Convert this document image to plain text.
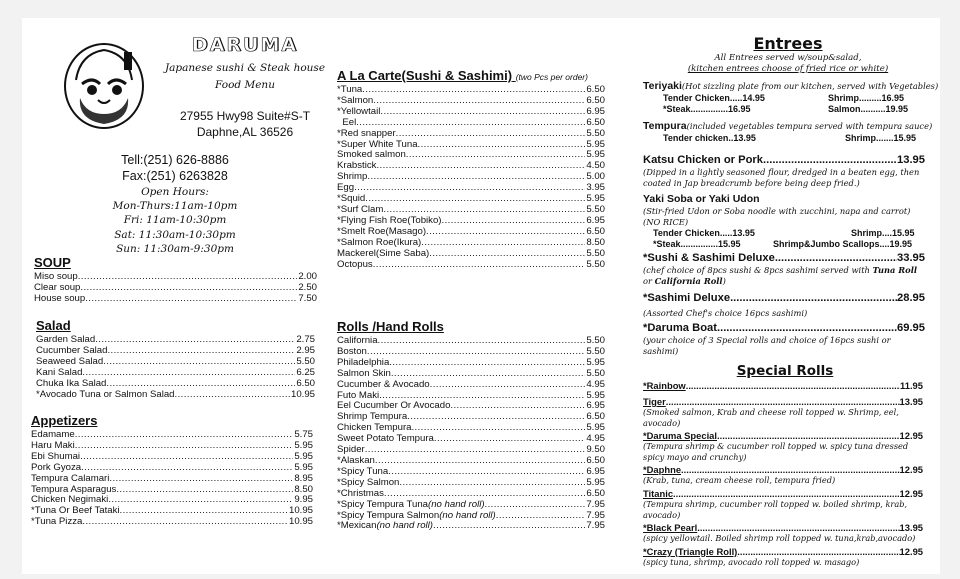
DARUMA
Japanese sushi & Steak house
Food Menu
27955 Hwy98 Suite#S-T
Daphne,AL 36526
Tell:(251) 626-8886
Fax:(251) 6263828
Open Hours:
Mon-Thurs:11am-10pm
Fri: 11am-10:30pm
Sat: 11:30am-10:30pm
Sun: 11:30am-9:30pm
SOUP
Miso soup .....	2.00
Clear soup .....	2.50
House soup .....	7.50
Salad
Garden Salad .....	2.75
Cucumber Salad .....	2.95
Seaweed Salad .....	5.50
Kani Salad .....	6.25
Chuka Ika Salad .....	6.50
*Avocado Tuna or Salmon Salad .....	10.95
Appetizers
Edamame .....	5.75
Haru Maki .....	5.95
Ebi Shumai .....	5.95
Pork Gyoza .....	5.95
Tempura Calamari .....	8.95
Tempura Asparagus .....	8.50
Chicken Negimaki .....	9.95
*Tuna Or Beef Tataki .....	10.95
*Tuna Pizza .....	10.95
A La Carte(Sushi & Sashimi) (two Pcs per order)
*Tuna .....	6.50
*Salmon .....	6.50
*Yellowtail .....	6.95
Eel .....	6.50
*Red snapper .....	5.50
*Super White Tuna .....	5.95
Smoked salmon .....	5.95
Krabstick .....	4.50
Shrimp .....	5.00
Egg .....	3.95
*Squid .....	5.95
*Surf Clam .....	5.50
*Flying Fish Roe(Tobiko) .....	6.95
*Smelt Roe(Masago) .....	6.50
*Salmon Roe(Ikura) .....	8.50
Mackerel(Sime Saba) .....	5.50
Octopus .....	5.50
Rolls /Hand Rolls
California .....	5.50
Boston .....	5.50
Philadelphia .....	5.95
Salmon Skin .....	5.50
Cucumber & Avocado .....	4.95
Futo Maki .....	5.95
Eel Cucumber Or Avocado .....	6.95
Shrimp Tempura .....	6.50
Chicken Tempura .....	5.95
Sweet Potato Tempura .....	4.95
Spider .....	9.50
*Alaskan .....	6.50
*Spicy Tuna .....	6.95
*Spicy Salmon .....	5.95
*Christmas .....	6.50
*Spicy Tempura Tuna (no hand roll) .....	7.95
*Spicy Tempura Salmon (no hand roll) .....	7.95
*Mexican (no hand roll) .....	7.95
Entrees
All Entrees served w/soup&salad,
(kitchen entrees choose of fried rice or white)
Teriyaki(Hot sizzling plate from our kitchen, served with Vegetables)
Tender Chicken.....14.95	Shrimp.........16.95
*Steak...............16.95	Salmon..........19.95
Tempura(included vegetables tempura served with tempura sauce)
Tender chicken..13.95	Shrimp.......15.95
Katsu Chicken or Pork .....	13.95
(Dipped in a lightly seasoned flour, dredged in a beaten egg, then coated in Jap breadcrumb before being deep fried.)
Yaki Soba or Yaki Udon
(Stir-fried Udon or Soba noodle with zucchini, napa and carrot)(NO RICE)
Tender Chicken.....13.95	Shrimp....15.95
*Steak...............15.95	Shrimp&Jumbo Scallops....19.95
*Sushi & Sashimi Deluxe .....	33.95
(chef choice of 8pcs sushi & 8pcs sashimi served with Tuna Roll or California Roll)
*Sashimi Deluxe .....	28.95
(Assorted Chef's choice 16pcs sashimi)
*Daruma Boat .....	69.95
(your choice of 3 Special rolls and choice of 16pcs sushi or sashimi)
Special Rolls
*Rainbow .....	11.95
Tiger .....	13.95
(Smoked salmon, Krab and cheese roll topped w. Shrimp, eel, avocado)
*Daruma Special .....	12.95
(Tempura shrimp & cucumber roll topped w. spicy tuna dressed spicy mayo and crunchy)
*Daphne .....	12.95
(Krab, tuna, cream cheese roll, tempura fried)
Titanic .....	12.95
(Tempura shrimp, cucumber roll topped w. boiled shrimp, krab, avocado)
*Black Pearl .....	13.95
(spicy yellowtail. Boiled shrimp roll topped w. tuna,krab,avocado)
*Crazy (Triangle Roll) .....	12.95
(spicy tuna, shrimp, avocado roll topped w. masago)
